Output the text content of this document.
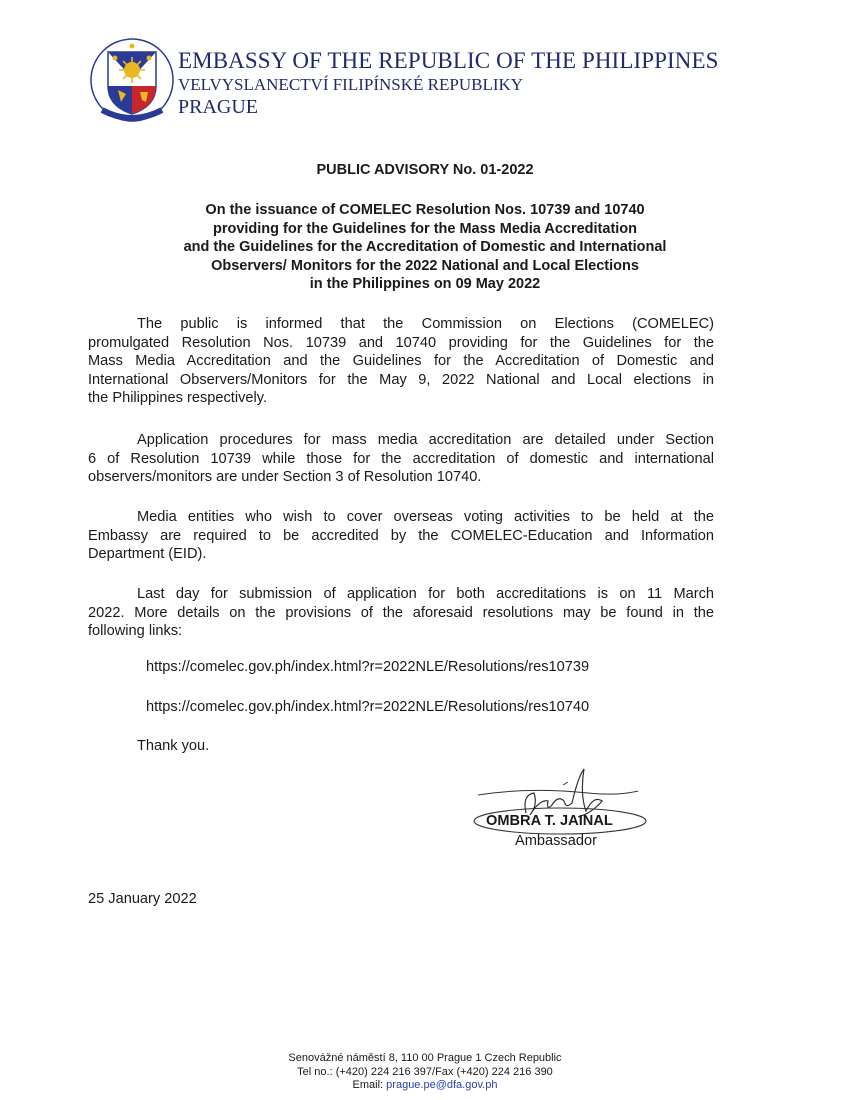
EMBASSY OF THE REPUBLIC OF THE PHILIPPINES
VELVYSLANECTVÍ FILIPÍNSKÉ REPUBLIKY
PRAGUE
PUBLIC ADVISORY No. 01-2022
On the issuance of COMELEC Resolution Nos. 10739 and 10740
providing for the Guidelines for the Mass Media Accreditation
and the Guidelines for the Accreditation of Domestic and International
Observers/ Monitors for the 2022 National and Local Elections
in the Philippines on 09 May 2022
The public is informed that the Commission on Elections (COMELEC)
promulgated Resolution Nos. 10739 and 10740 providing for the Guidelines for the
Mass Media Accreditation and the Guidelines for the Accreditation of Domestic and
International Observers/Monitors for the May 9, 2022 National and Local elections in
the Philippines respectively.
Application procedures for mass media accreditation are detailed under Section
6 of Resolution 10739 while those for the accreditation of domestic and international
observers/monitors are under Section 3 of Resolution 10740.
Media entities who wish to cover overseas voting activities to be held at the
Embassy are required to be accredited by the COMELEC-Education and Information
Department (EID).
Last day for submission of application for both accreditations is on 11 March
2022. More details on the provisions of the aforesaid resolutions may be found in the
following links:
https://comelec.gov.ph/index.html?r=2022NLE/Resolutions/res10739
https://comelec.gov.ph/index.html?r=2022NLE/Resolutions/res10740
Thank you.
OMBRA T. JAINAL
Ambassador
25 January 2022
Senovážné náměstí 8, 110 00 Prague 1 Czech Republic
Tel no.: (+420) 224 216 397/Fax (+420) 224 216 390
Email: prague.pe@dfa.gov.ph
